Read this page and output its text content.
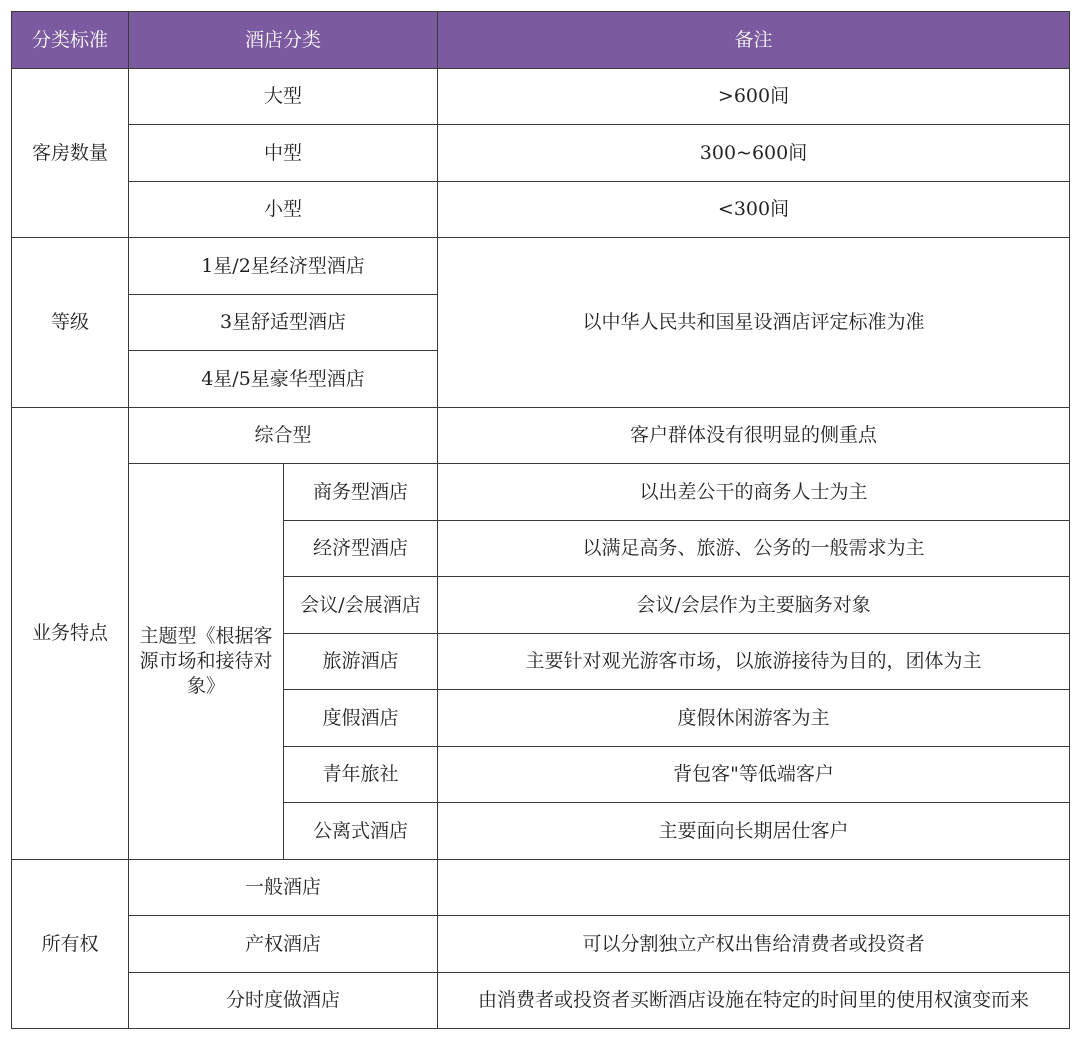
分类标准	酒店分类		备注
客房数量	大型		>600间
	中型		300~600间
	小型		<300间
等级	1星/2星经济型酒店		以中华人民共和国星设酒店评定标准为准
	3星舒适型酒店		
	4星/5星豪华型酒店		
业务特点	综合型		客户群体没有很明显的侧重点
	主题型《根据客源市场和接待对象》	商务型酒店	以出差公干的商务人士为主
		经济型酒店	以满足高务、旅游、公务的一般需求为主
		会议/会展酒店	会议/会层作为主要脑务对象
		旅游酒店	主要针对观光游客市场，以旅游接待为目的，团体为主
		度假酒店	度假休闲游客为主
		青年旅社	背包客"等低端客户
		公离式酒店	主要面向长期居仕客户
所有权	一般酒店		
	产权酒店		可以分割独立产权出售给清费者或投资者
	分时度做酒店		由消费者或投资者买断酒店设施在特定的时间里的使用权演变而来
